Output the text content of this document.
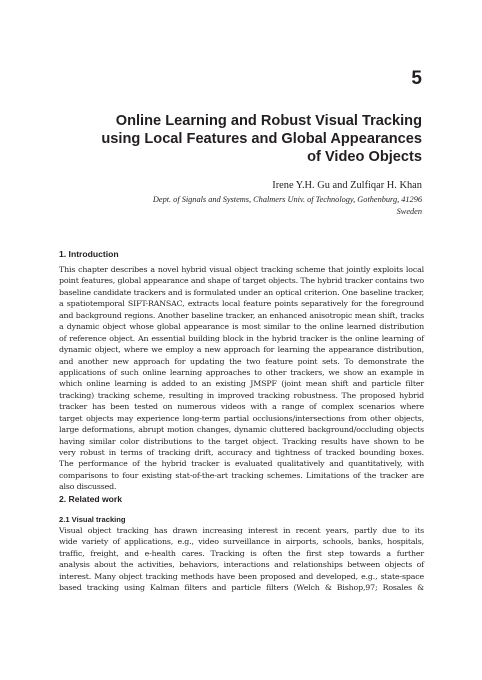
5

Online Learning and Robust Visual Tracking
using Local Features and Global Appearances
of Video Objects

Irene Y.H. Gu and Zulfiqar H. Khan

Dept. of Signals and Systems, Chalmers Univ. of Technology, Gothenburg, 41296
Sweden

1. Introduction
This chapter describes a novel hybrid visual object tracking scheme that jointly exploits local
point features, global appearance and shape of target objects. The hybrid tracker contains two
baseline candidate trackers and is formulated under an optical criterion. One baseline tracker,
a spatiotemporal SIFT-RANSAC, extracts local feature points separatively for the foreground
and background regions. Another baseline tracker, an enhanced anisotropic mean shift, tracks
a dynamic object whose global appearance is most similar to the online learned distribution
of reference object. An essential building block in the hybrid tracker is the online learning of
dynamic object, where we employ a new approach for learning the appearance distribution,
and another new approach for updating the two feature point sets. To demonstrate the
applications of such online learning approaches to other trackers, we show an example in
which online learning is added to an existing JMSPF (joint mean shift and particle filter
tracking) tracking scheme, resulting in improved tracking robustness. The proposed hybrid
tracker has been tested on numerous videos with a range of complex scenarios where
target objects may experience long-term partial occlusions/intersections from other objects,
large deformations, abrupt motion changes, dynamic cluttered background/occluding objects
having similar color distributions to the target object. Tracking results have shown to be
very robust in terms of tracking drift, accuracy and tightness of tracked bounding boxes.
The performance of the hybrid tracker is evaluated qualitatively and quantitatively, with
comparisons to four existing stat-of-the-art tracking schemes. Limitations of the tracker are
also discussed.
2. Related work
2.1 Visual tracking
Visual object tracking has drawn increasing interest in recent years, partly due to its
wide variety of applications, e.g., video surveillance in airports, schools, banks, hospitals,
traffic, freight, and e-health cares. Tracking is often the first step towards a further
analysis about the activities, behaviors, interactions and relationships between objects of
interest. Many object tracking methods have been proposed and developed, e.g., state-space
based tracking using Kalman filters and particle filters (Welch & Bishop,97; Rosales &
